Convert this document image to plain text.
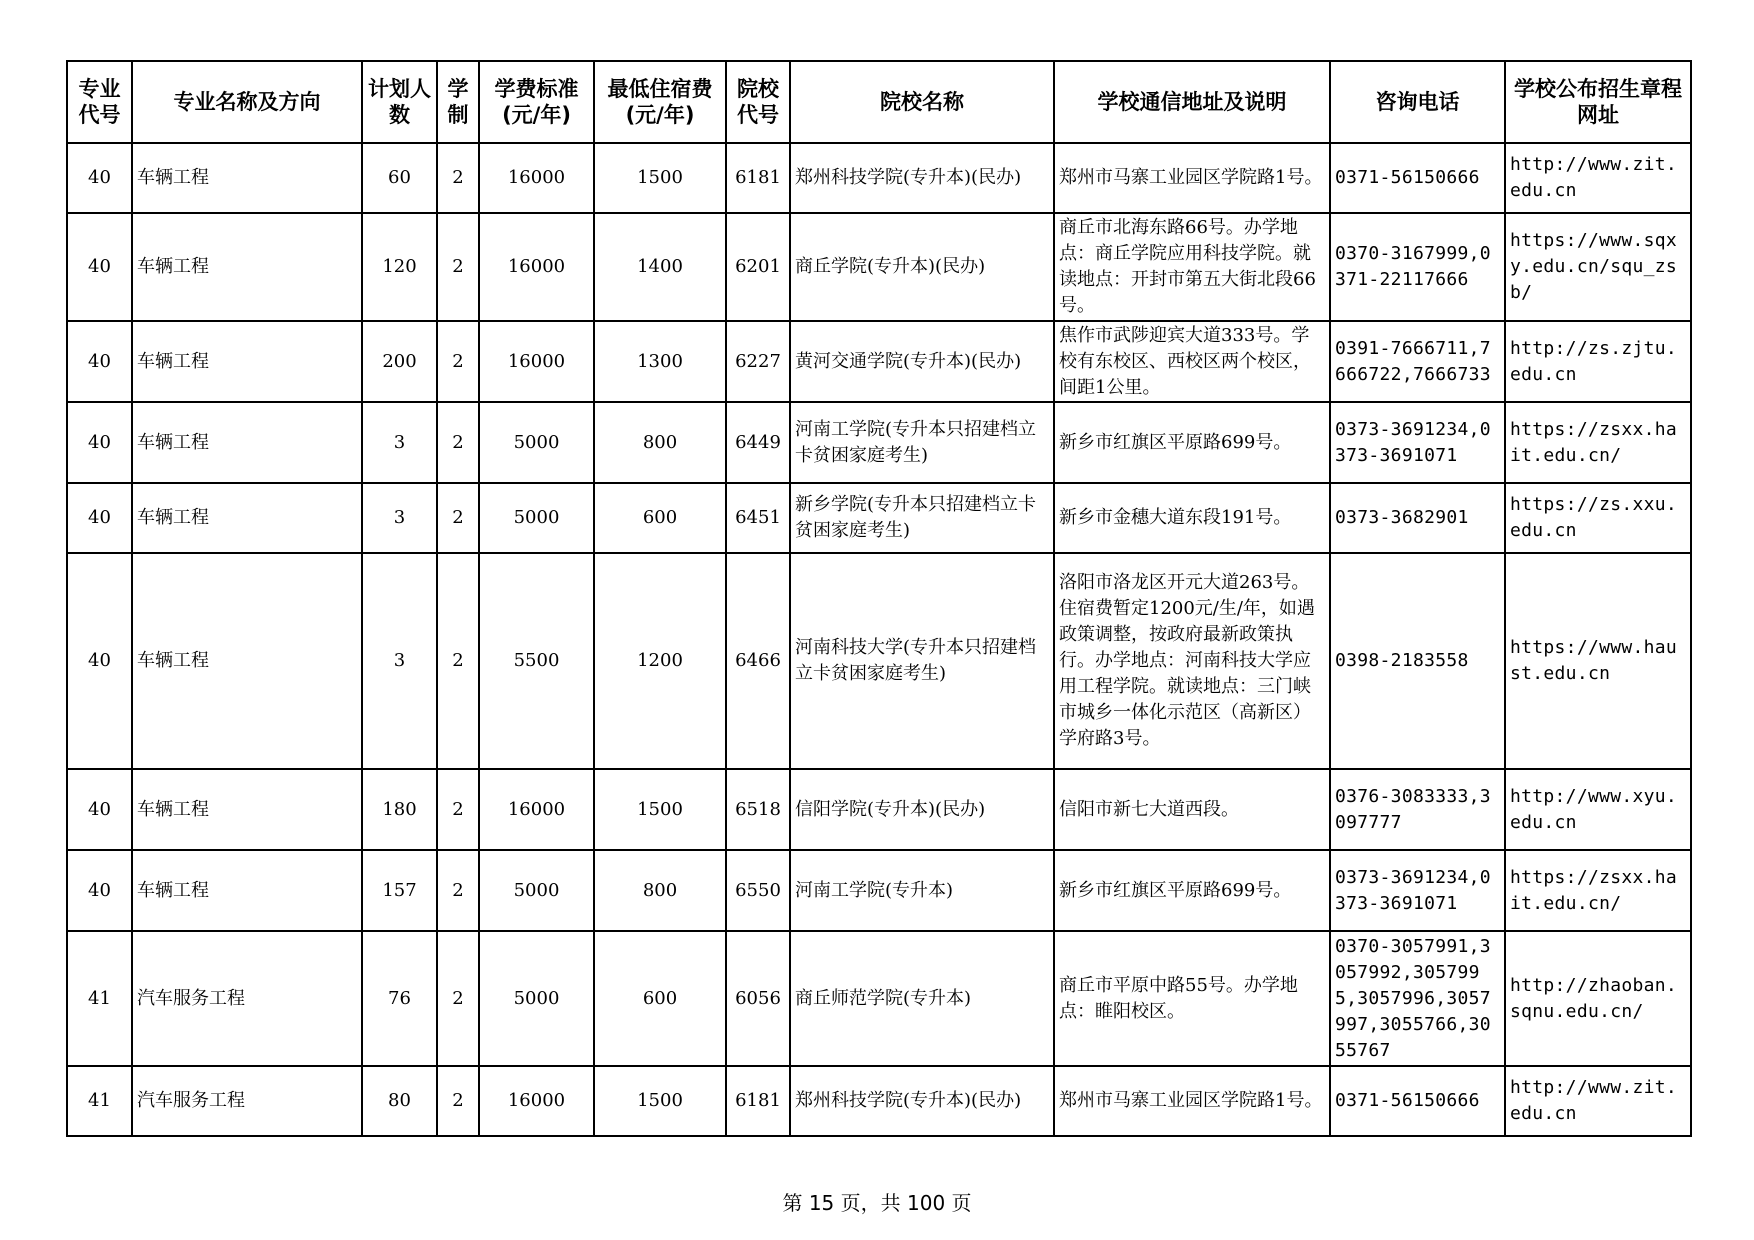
专业代号	专业名称及方向	计划人数	学制	学费标准(元/年)	最低住宿费(元/年)	院校代号	院校名称	学校通信地址及说明	咨询电话	学校公布招生章程网址
40	车辆工程	60	2	16000	1500	6181	郑州科技学院(专升本)(民办)	郑州市马寨工业园区学院路1号。	0371-56150666	http://www.zit.edu.cn
40	车辆工程	120	2	16000	1400	6201	商丘学院(专升本)(民办)	商丘市北海东路66号。办学地点：商丘学院应用科技学院。就读地点：开封市第五大街北段66号。	0370-3167999,0371-22117666	https://www.sqxy.edu.cn/squ_zsb/
40	车辆工程	200	2	16000	1300	6227	黄河交通学院(专升本)(民办)	焦作市武陟迎宾大道333号。学校有东校区、西校区两个校区，间距1公里。	0391-7666711,7666722,7666733	http://zs.zjtu.edu.cn
40	车辆工程	3	2	5000	800	6449	河南工学院(专升本只招建档立卡贫困家庭考生)	新乡市红旗区平原路699号。	0373-3691234,0373-3691071	https://zsxx.hait.edu.cn/
40	车辆工程	3	2	5000	600	6451	新乡学院(专升本只招建档立卡贫困家庭考生)	新乡市金穗大道东段191号。	0373-3682901	https://zs.xxu.edu.cn
40	车辆工程	3	2	5500	1200	6466	河南科技大学(专升本只招建档立卡贫困家庭考生)	洛阳市洛龙区开元大道263号。住宿费暂定1200元/生/年，如遇政策调整，按政府最新政策执行。办学地点：河南科技大学应用工程学院。就读地点：三门峡市城乡一体化示范区（高新区）学府路3号。	0398-2183558	https://www.haust.edu.cn
40	车辆工程	180	2	16000	1500	6518	信阳学院(专升本)(民办)	信阳市新七大道西段。	0376-3083333,3097777	http://www.xyu.edu.cn
40	车辆工程	157	2	5000	800	6550	河南工学院(专升本)	新乡市红旗区平原路699号。	0373-3691234,0373-3691071	https://zsxx.hait.edu.cn/
41	汽车服务工程	76	2	5000	600	6056	商丘师范学院(专升本)	商丘市平原中路55号。办学地点：睢阳校区。	0370-3057991,3057992,3057995,3057996,3057997,3055766,3055767	http://zhaoban.sqnu.edu.cn/
41	汽车服务工程	80	2	16000	1500	6181	郑州科技学院(专升本)(民办)	郑州市马寨工业园区学院路1号。	0371-56150666	http://www.zit.edu.cn
第 15 页，共 100 页
